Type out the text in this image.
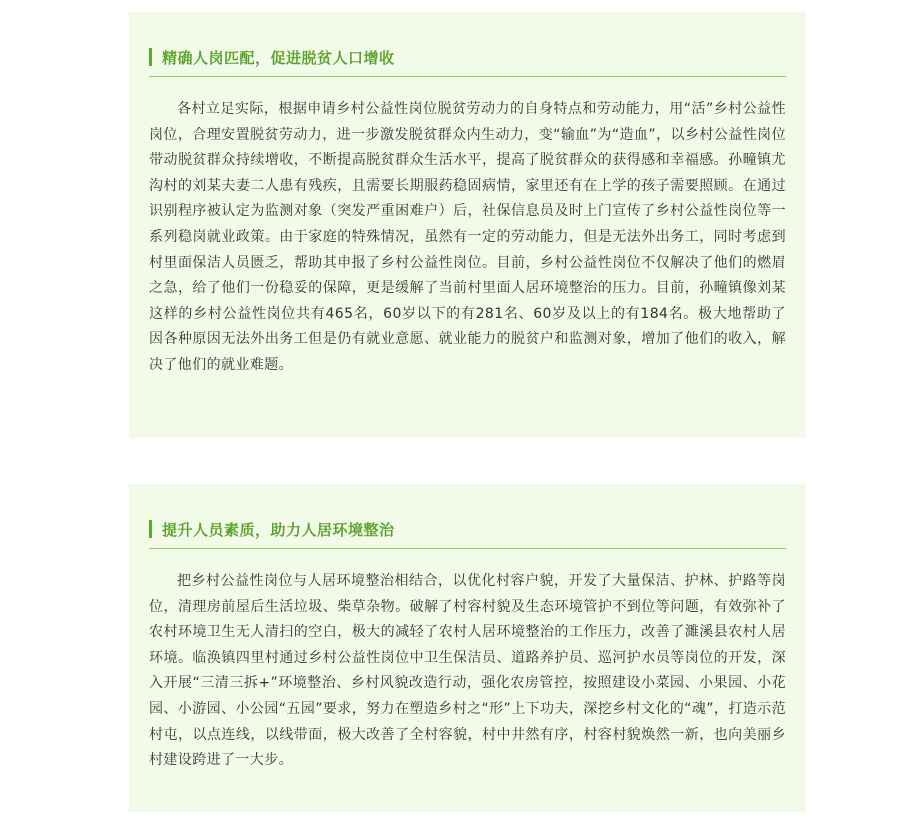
精确人岗匹配，促进脱贫人口增收

各村立足实际，根据申请乡村公益性岗位脱贫劳动力的自身特点和劳动能力，用“活”乡村公益性岗位，合理安置脱贫劳动力，进一步激发脱贫群众内生动力，变“输血”为“造血”，以乡村公益性岗位带动脱贫群众持续增收，不断提高脱贫群众生活水平，提高了脱贫群众的获得感和幸福感。孙疃镇尤沟村的刘某夫妻二人患有残疾，且需要长期服药稳固病情，家里还有在上学的孩子需要照顾。在通过识别程序被认定为监测对象（突发严重困难户）后，社保信息员及时上门宣传了乡村公益性岗位等一系列稳岗就业政策。由于家庭的特殊情况，虽然有一定的劳动能力，但是无法外出务工，同时考虑到村里面保洁人员匮乏，帮助其申报了乡村公益性岗位。目前，乡村公益性岗位不仅解决了他们的燃眉之急，给了他们一份稳妥的保障，更是缓解了当前村里面人居环境整治的压力。目前，孙疃镇像刘某这样的乡村公益性岗位共有465名，60岁以下的有281名、60岁及以上的有184名。极大地帮助了因各种原因无法外出务工但是仍有就业意愿、就业能力的脱贫户和监测对象，增加了他们的收入，解决了他们的就业难题。

提升人员素质，助力人居环境整治

把乡村公益性岗位与人居环境整治相结合，以优化村容户貌，开发了大量保洁、护林、护路等岗位，清理房前屋后生活垃圾、柴草杂物。破解了村容村貌及生态环境管护不到位等问题，有效弥补了农村环境卫生无人清扫的空白，极大的减轻了农村人居环境整治的工作压力，改善了濉溪县农村人居环境。临涣镇四里村通过乡村公益性岗位中卫生保洁员、道路养护员、巡河护水员等岗位的开发，深入开展“三清三拆+”环境整治、乡村风貌改造行动，强化农房管控，按照建设小菜园、小果园、小花园、小游园、小公园“五园”要求，努力在塑造乡村之“形”上下功夫，深挖乡村文化的“魂”，打造示范村屯，以点连线，以线带面，极大改善了全村容貌，村中井然有序，村容村貌焕然一新，也向美丽乡村建设跨进了一大步。
